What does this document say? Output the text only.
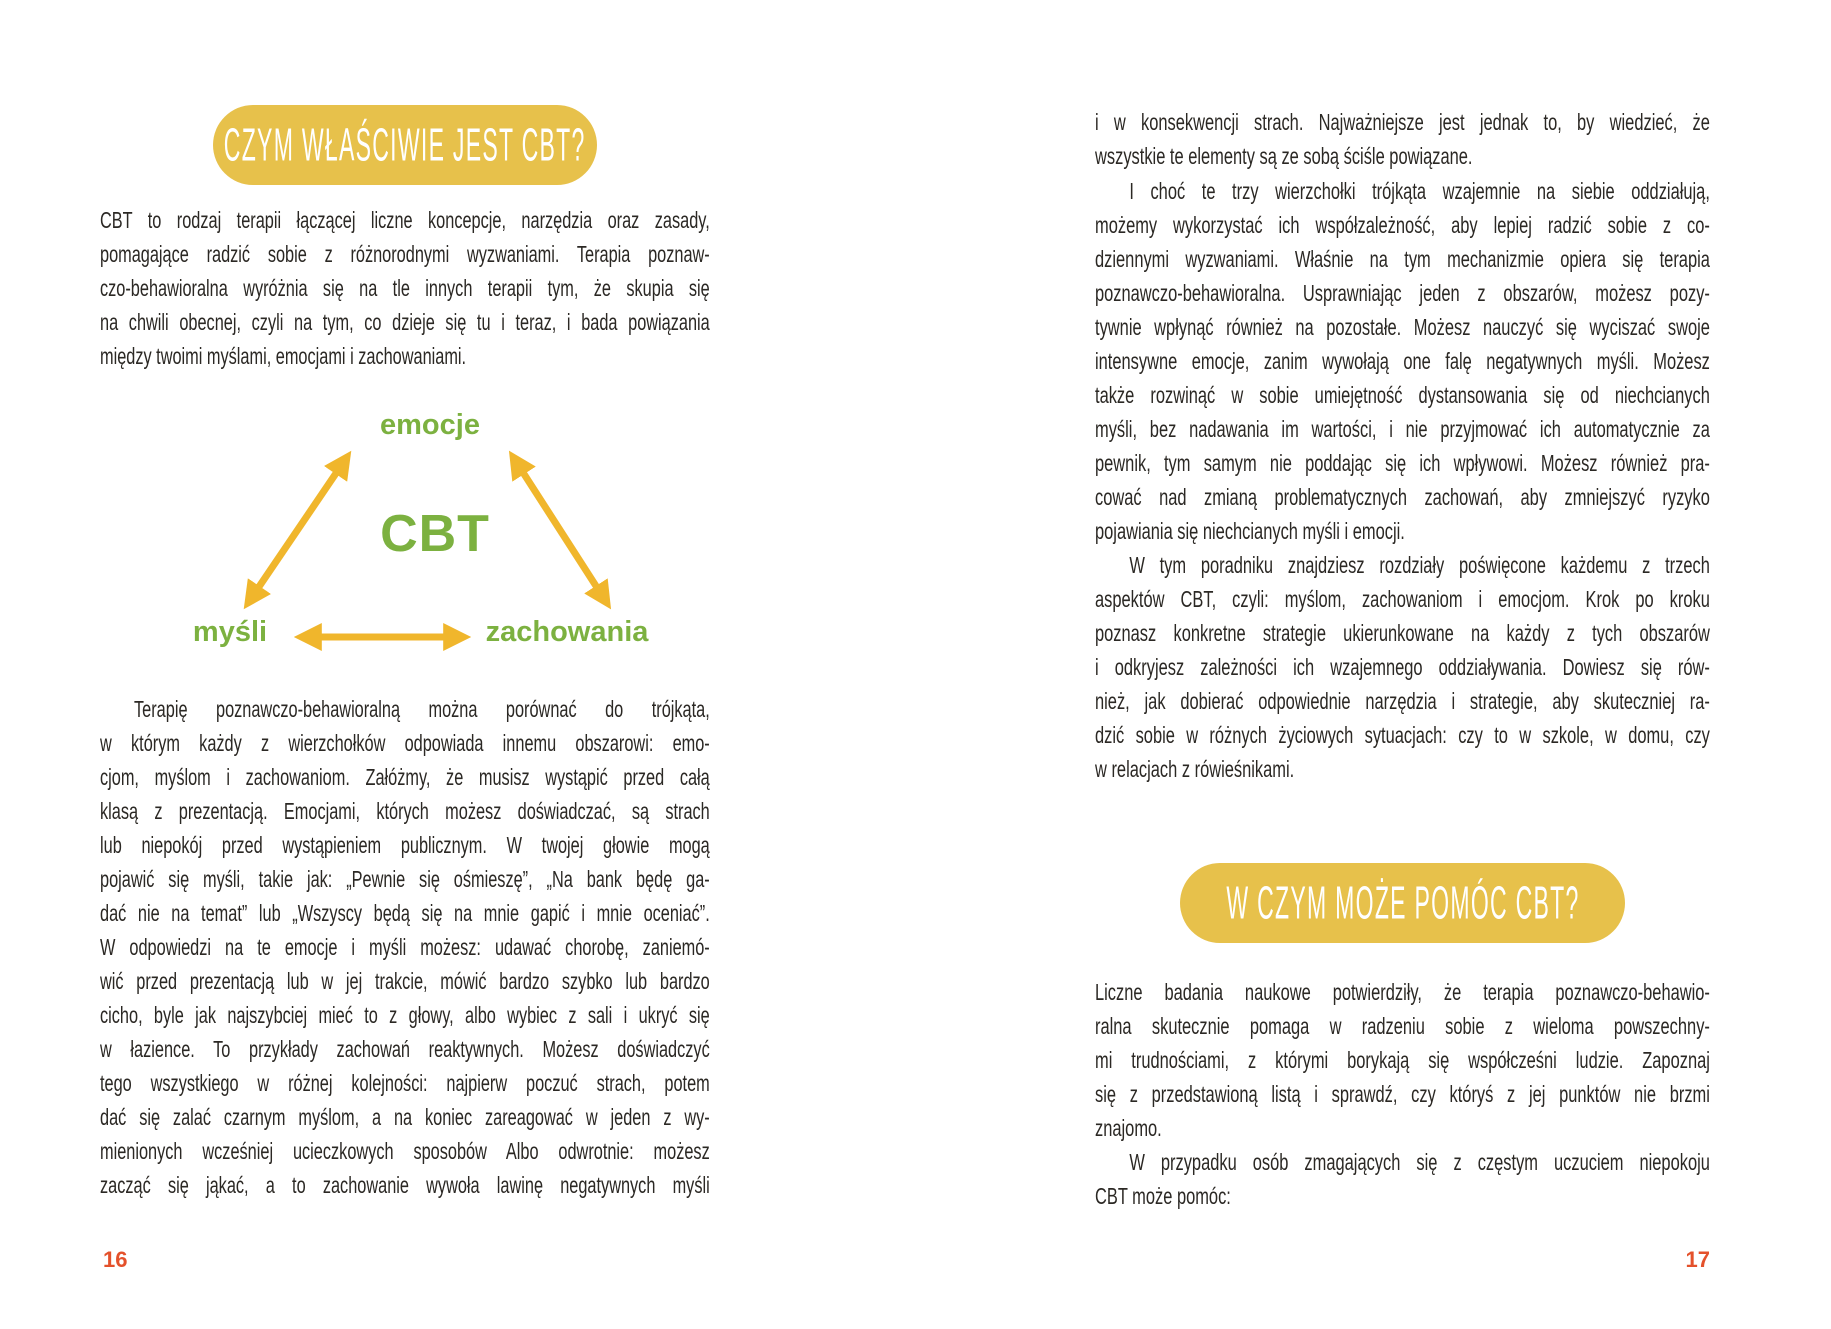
CZYM WŁAŚCIWIE JEST CBT?
CBT to rodzaj terapii łączącej liczne koncepcje, narzędzia oraz zasady,
pomagające radzić sobie z różnorodnymi wyzwaniami. Terapia poznaw-
czo-behawioralna wyróżnia się na tle innych terapii tym, że skupia się
na chwili obecnej, czyli na tym, co dzieje się tu i teraz, i bada powiązania
między twoimi myślami, emocjami i zachowaniami.
emocje
CBT
myśli	zachowania
Terapię poznawczo-behawioralną można porównać do trójkąta,
w którym każdy z wierzchołków odpowiada innemu obszarowi: emo-
cjom, myślom i zachowaniom. Załóżmy, że musisz wystąpić przed całą
klasą z prezentacją. Emocjami, których możesz doświadczać, są strach
lub niepokój przed wystąpieniem publicznym. W twojej głowie mogą
pojawić się myśli, takie jak: „Pewnie się ośmieszę”, „Na bank będę ga-
dać nie na temat” lub „Wszyscy będą się na mnie gapić i mnie oceniać”.
W odpowiedzi na te emocje i myśli możesz: udawać chorobę, zaniemó-
wić przed prezentacją lub w jej trakcie, mówić bardzo szybko lub bardzo
cicho, byle jak najszybciej mieć to z głowy, albo wybiec z sali i ukryć się
w łazience. To przykłady zachowań reaktywnych. Możesz doświadczyć
tego wszystkiego w różnej kolejności: najpierw poczuć strach, potem
dać się zalać czarnym myślom, a na koniec zareagować w jeden z wy-
mienionych wcześniej ucieczkowych sposobów Albo odwrotnie: możesz
zacząć się jąkać, a to zachowanie wywoła lawinę negatywnych myśli
16
i w konsekwencji strach. Najważniejsze jest jednak to, by wiedzieć, że
wszystkie te elementy są ze sobą ściśle powiązane.
I choć te trzy wierzchołki trójkąta wzajemnie na siebie oddziałują,
możemy wykorzystać ich współzależność, aby lepiej radzić sobie z co-
dziennymi wyzwaniami. Właśnie na tym mechanizmie opiera się terapia
poznawczo-behawioralna. Usprawniając jeden z obszarów, możesz pozy-
tywnie wpłynąć również na pozostałe. Możesz nauczyć się wyciszać swoje
intensywne emocje, zanim wywołają one falę negatywnych myśli. Możesz
także rozwinąć w sobie umiejętność dystansowania się od niechcianych
myśli, bez nadawania im wartości, i nie przyjmować ich automatycznie za
pewnik, tym samym nie poddając się ich wpływowi. Możesz również pra-
cować nad zmianą problematycznych zachowań, aby zmniejszyć ryzyko
pojawiania się niechcianych myśli i emocji.
W tym poradniku znajdziesz rozdziały poświęcone każdemu z trzech
aspektów CBT, czyli: myślom, zachowaniom i emocjom. Krok po kroku
poznasz konkretne strategie ukierunkowane na każdy z tych obszarów
i odkryjesz zależności ich wzajemnego oddziaływania. Dowiesz się rów-
nież, jak dobierać odpowiednie narzędzia i strategie, aby skuteczniej ra-
dzić sobie w różnych życiowych sytuacjach: czy to w szkole, w domu, czy
w relacjach z rówieśnikami.
W CZYM MOŻE POMÓC CBT?
Liczne badania naukowe potwierdziły, że terapia poznawczo-behawio-
ralna skutecznie pomaga w radzeniu sobie z wieloma powszechny-
mi trudnościami, z którymi borykają się współcześni ludzie. Zapoznaj
się z przedstawioną listą i sprawdź, czy któryś z jej punktów nie brzmi
znajomo.
W przypadku osób zmagających się z częstym uczuciem niepokoju
CBT może pomóc:
17
